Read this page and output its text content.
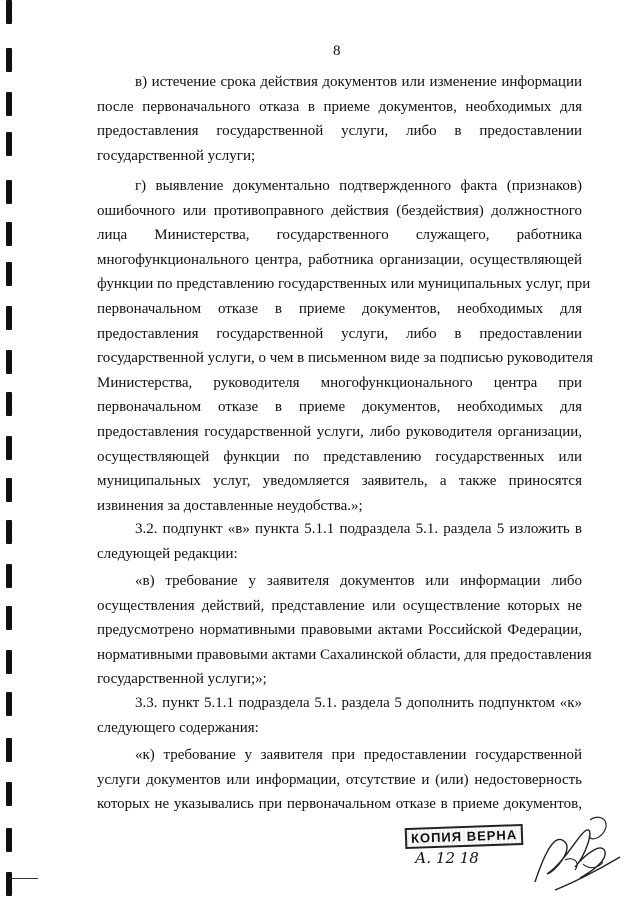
8
в) истечение срока действия документов или изменение информации
после первоначального отказа в приеме документов, необходимых для
предоставления государственной услуги, либо в предоставлении
государственной услуги;
г) выявление документально подтвержденного факта (признаков)
ошибочного или противоправного действия (бездействия) должностного
лица Министерства, государственного служащего, работника
многофункционального центра, работника организации, осуществляющей
функции по представлению государственных или муниципальных услуг, при
первоначальном отказе в приеме документов, необходимых для
предоставления государственной услуги, либо в предоставлении
государственной услуги, о чем в письменном виде за подписью руководителя
Министерства, руководителя многофункционального центра при
первоначальном отказе в приеме документов, необходимых для
предоставления государственной услуги, либо руководителя организации,
осуществляющей функции по представлению государственных или
муниципальных услуг, уведомляется заявитель, а также приносятся
извинения за доставленные неудобства.»;
3.2. подпункт «в» пункта 5.1.1 подраздела 5.1. раздела 5 изложить в
следующей редакции:
«в) требование у заявителя документов или информации либо
осуществления действий, представление или осуществление которых не
предусмотрено нормативными правовыми актами Российской Федерации,
нормативными правовыми актами Сахалинской области, для предоставления
государственной услуги;»;
3.3. пункт 5.1.1 подраздела 5.1. раздела 5 дополнить подпунктом «к»
следующего содержания:
«к) требование у заявителя при предоставлении государственной
услуги документов или информации, отсутствие и (или) недостоверность
которых не указывались при первоначальном отказе в приеме документов,
КОПИЯ ВЕРНА
А. 12 18
